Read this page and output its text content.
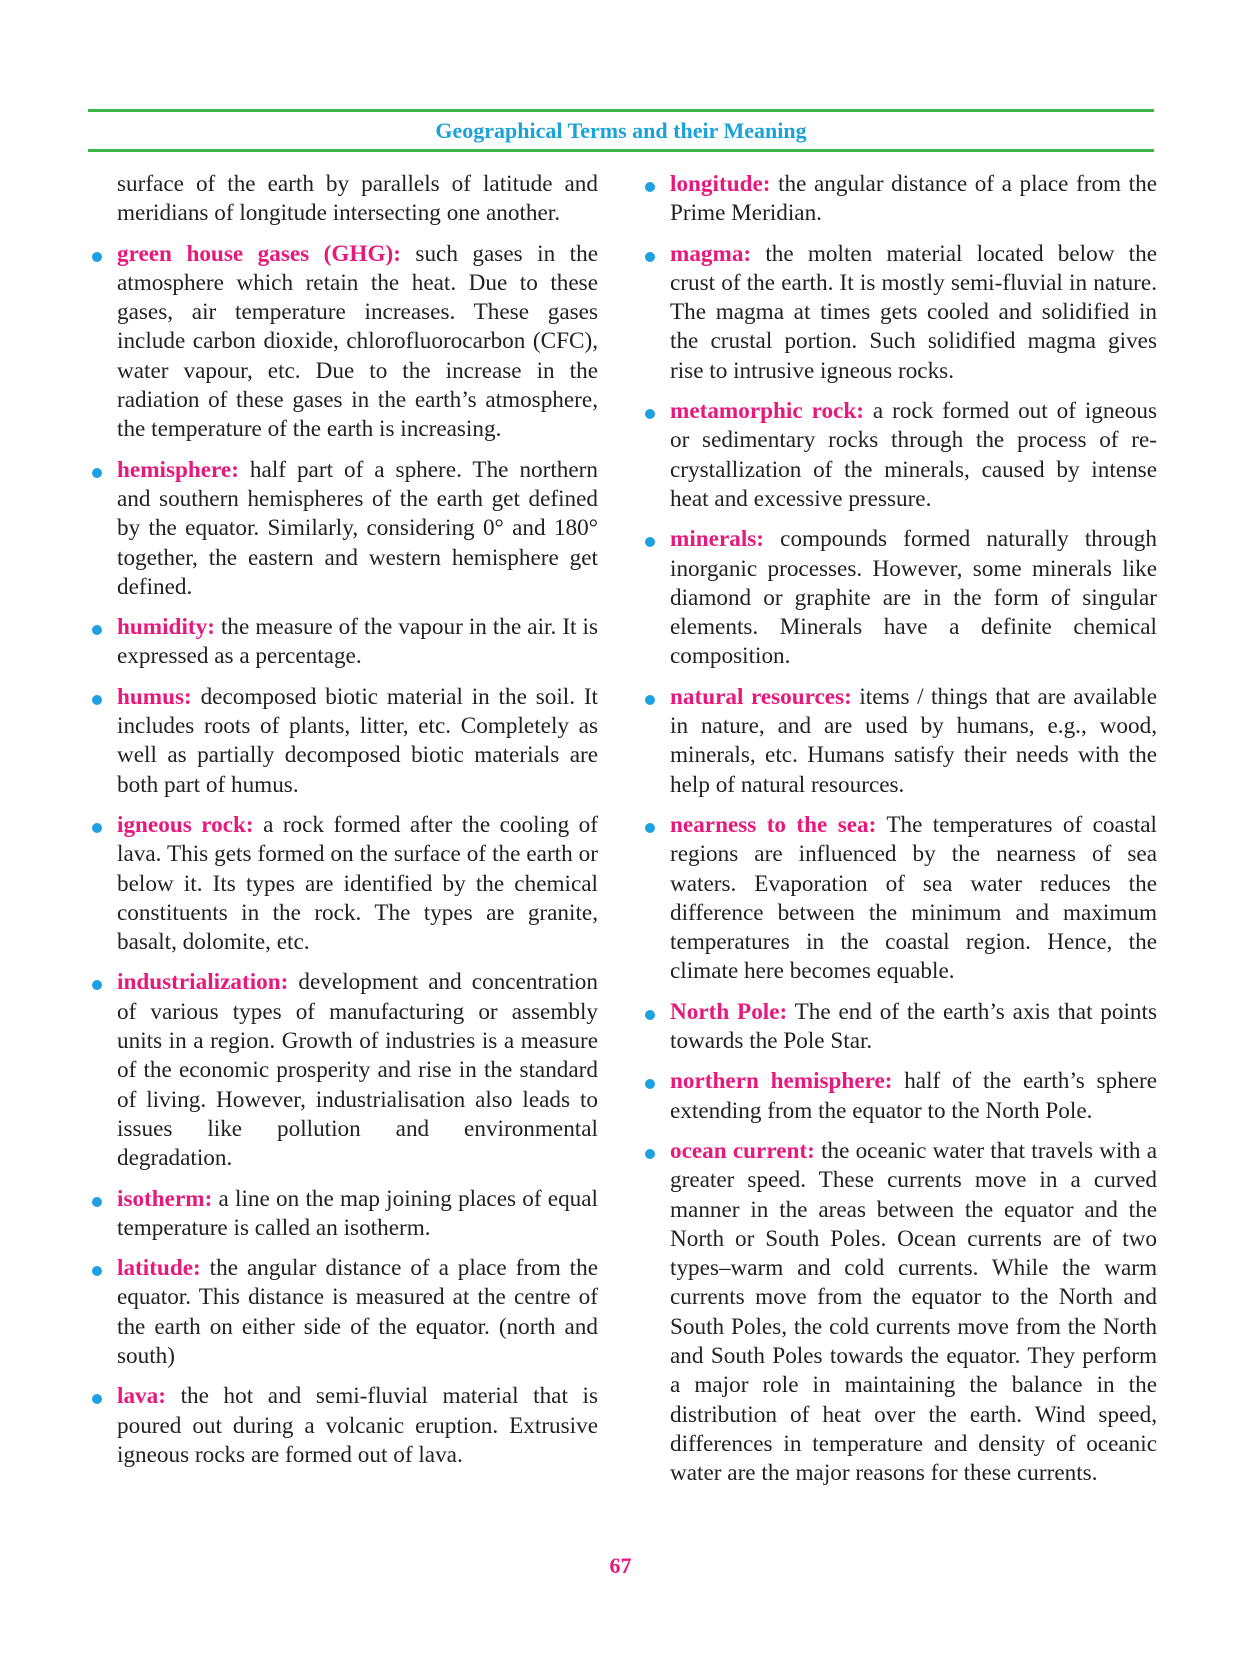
Geographical Terms and their Meaning

surface of the earth by parallels of latitude and meridians of longitude intersecting one another.

green house gases (GHG): such gases in the atmosphere which retain the heat. Due to these gases, air temperature increases. These gases include carbon dioxide, chlorofluorocarbon (CFC), water vapour, etc. Due to the increase in the radiation of these gases in the earth’s atmosphere, the temperature of the earth is increasing.

hemisphere: half part of a sphere. The northern and southern hemispheres of the earth get defined by the equator. Similarly, considering 0° and 180° together, the eastern and western hemisphere get defined.

humidity: the measure of the vapour in the air. It is expressed as a percentage.

humus: decomposed biotic material in the soil. It includes roots of plants, litter, etc. Completely as well as partially decomposed biotic materials are both part of humus.

igneous rock: a rock formed after the cooling of lava. This gets formed on the surface of the earth or below it. Its types are identified by the chemical constituents in the rock. The types are granite, basalt, dolomite, etc.

industrialization: development and concentration of various types of manufacturing or assembly units in a region. Growth of industries is a measure of the economic prosperity and rise in the standard of living. However, industrialisation also leads to issues like pollution and environmental degradation.

isotherm: a line on the map joining places of equal temperature is called an isotherm.

latitude: the angular distance of a place from the equator. This distance is measured at the centre of the earth on either side of the equator. (north and south)

lava: the hot and semi-fluvial material that is poured out during a volcanic eruption. Extrusive igneous rocks are formed out of lava.

longitude: the angular distance of a place from the Prime Meridian.

magma: the molten material located below the crust of the earth. It is mostly semi-fluvial in nature. The magma at times gets cooled and solidified in the crustal portion. Such solidified magma gives rise to intrusive igneous rocks.

metamorphic rock: a rock formed out of igneous or sedimentary rocks through the process of re-crystallization of the minerals, caused by intense heat and excessive pressure.

minerals: compounds formed naturally through inorganic processes. However, some minerals like diamond or graphite are in the form of singular elements. Minerals have a definite chemical composition.

natural resources: items / things that are available in nature, and are used by humans, e.g., wood, minerals, etc. Humans satisfy their needs with the help of natural resources.

nearness to the sea: The temperatures of coastal regions are influenced by the nearness of sea waters. Evaporation of sea water reduces the difference between the minimum and maximum temperatures in the coastal region. Hence, the climate here becomes equable.

North Pole: The end of the earth’s axis that points towards the Pole Star.

northern hemisphere: half of the earth’s sphere extending from the equator to the North Pole.

ocean current: the oceanic water that travels with a greater speed. These currents move in a curved manner in the areas between the equator and the North or South Poles. Ocean currents are of two types–warm and cold currents. While the warm currents move from the equator to the North and South Poles, the cold currents move from the North and South Poles towards the equator. They perform a major role in maintaining the balance in the distribution of heat over the earth. Wind speed, differences in temperature and density of oceanic water are the major reasons for these currents.

67
